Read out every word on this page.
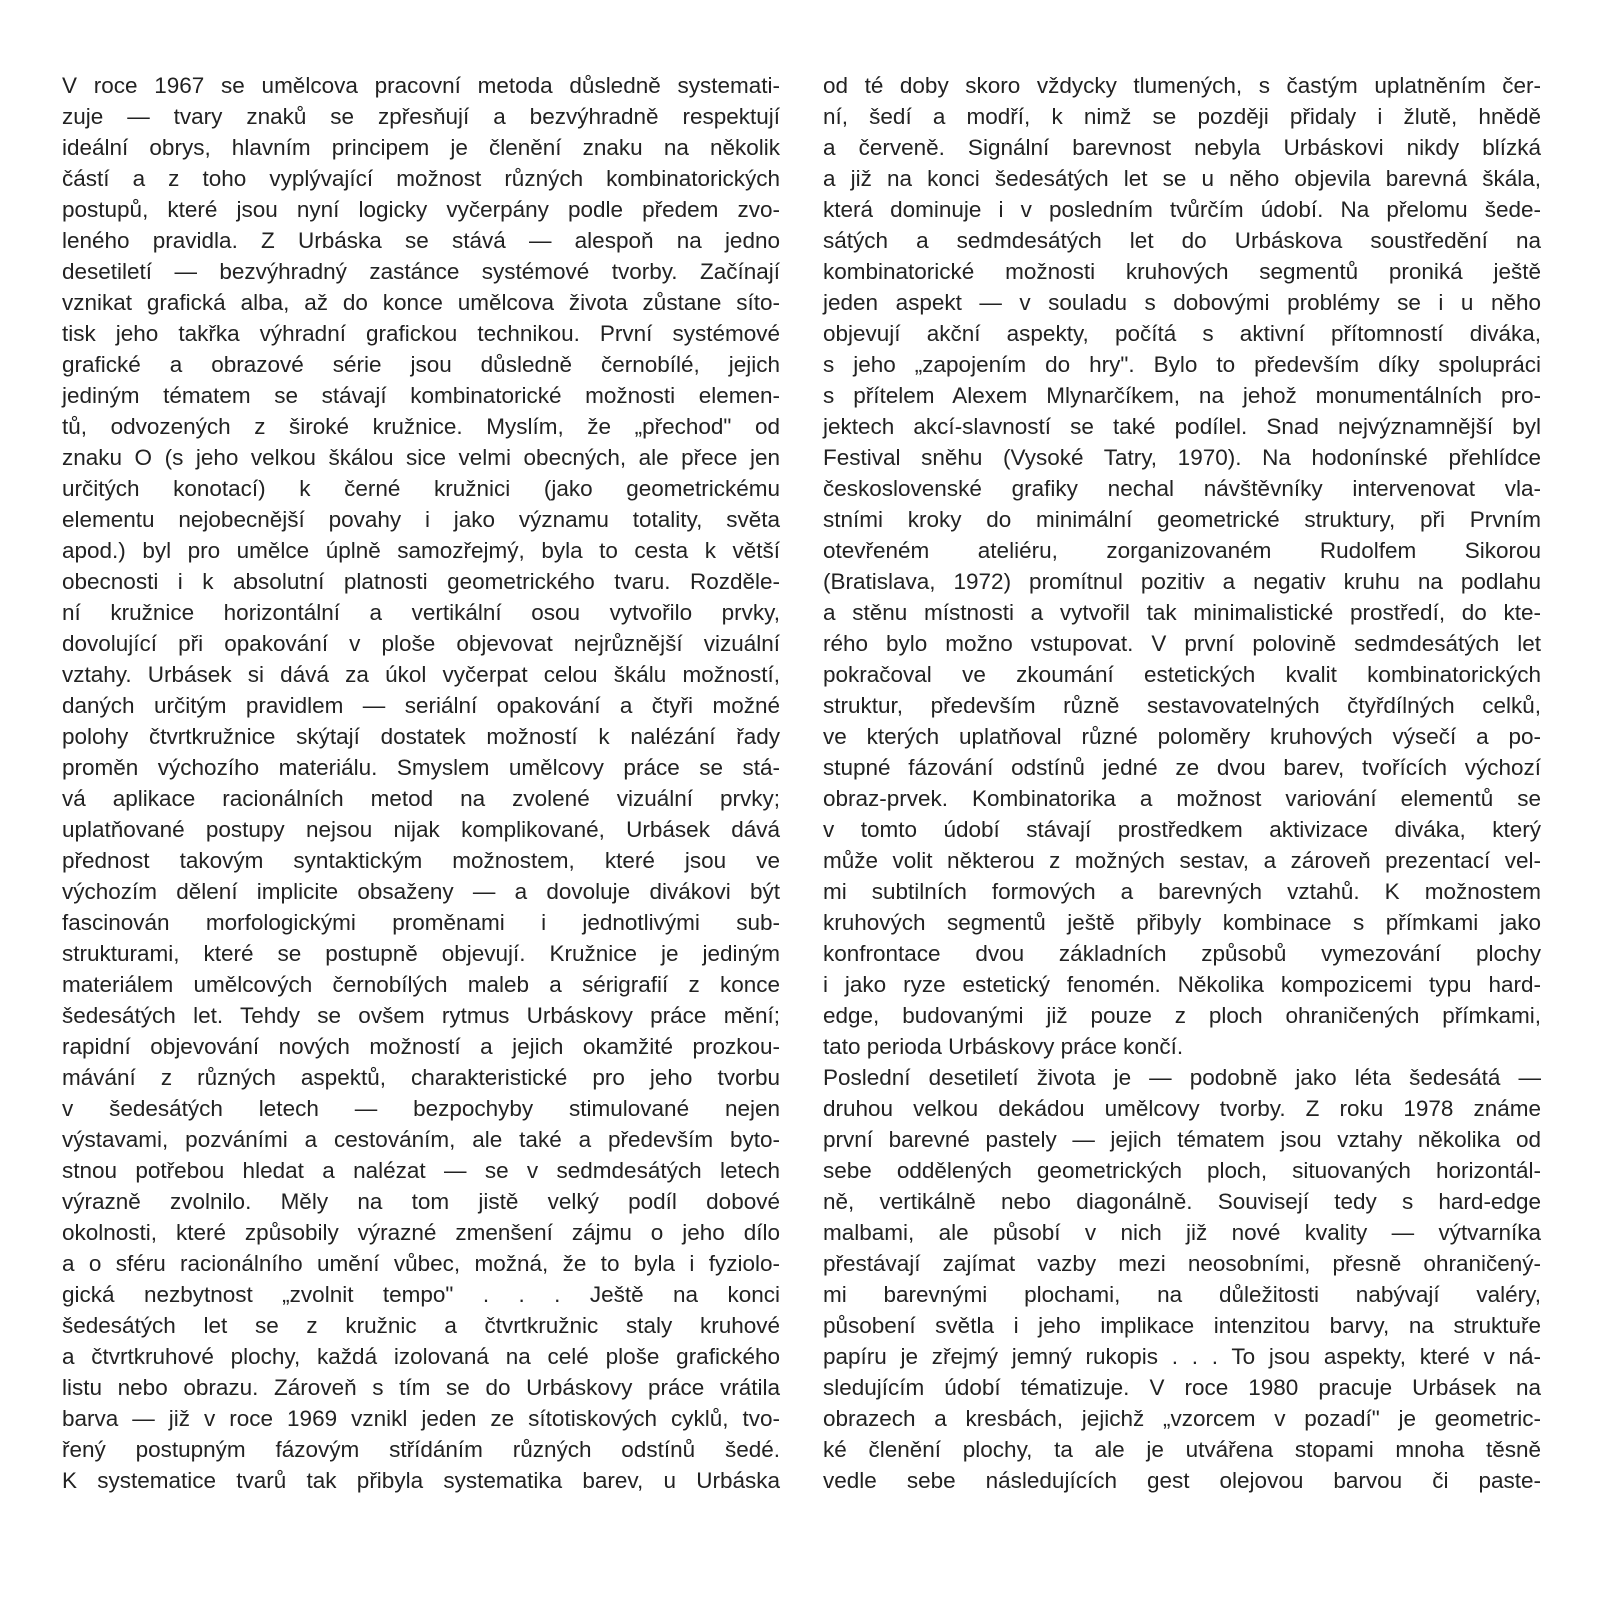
V roce 1967 se umělcova pracovní metoda důsledně systemati-
zuje — tvary znaků se zpřesňují a bezvýhradně respektují
ideální obrys, hlavním principem je členění znaku na několik
částí a z toho vyplývající možnost různých kombinatorických
postupů, které jsou nyní logicky vyčerpány podle předem zvo-
leného pravidla. Z Urbáska se stává — alespoň na jedno
desetiletí — bezvýhradný zastánce systémové tvorby. Začínají
vznikat grafická alba, až do konce umělcova života zůstane síto-
tisk jeho takřka výhradní grafickou technikou. První systémové
grafické a obrazové série jsou důsledně černobílé, jejich
jediným tématem se stávají kombinatorické možnosti elemen-
tů, odvozených z široké kružnice. Myslím, že „přechod" od
znaku O (s jeho velkou škálou sice velmi obecných, ale přece jen
určitých konotací) k černé kružnici (jako geometrickému
elementu nejobecnější povahy i jako významu totality, světa
apod.) byl pro umělce úplně samozřejmý, byla to cesta k větší
obecnosti i k absolutní platnosti geometrického tvaru. Rozděle-
ní kružnice horizontální a vertikální osou vytvořilo prvky,
dovolující při opakování v ploše objevovat nejrůznější vizuální
vztahy. Urbásek si dává za úkol vyčerpat celou škálu možností,
daných určitým pravidlem — seriální opakování a čtyři možné
polohy čtvrtkružnice skýtají dostatek možností k nalézání řady
proměn výchozího materiálu. Smyslem umělcovy práce se stá-
vá aplikace racionálních metod na zvolené vizuální prvky;
uplatňované postupy nejsou nijak komplikované, Urbásek dává
přednost takovým syntaktickým možnostem, které jsou ve
výchozím dělení implicite obsaženy — a dovoluje divákovi být
fascinován morfologickými proměnami i jednotlivými sub-
strukturami, které se postupně objevují. Kružnice je jediným
materiálem umělcových černobílých maleb a sérigrafií z konce
šedesátých let. Tehdy se ovšem rytmus Urbáskovy práce mění;
rapidní objevování nových možností a jejich okamžité prozkou-
mávání z různých aspektů, charakteristické pro jeho tvorbu
v šedesátých letech — bezpochyby stimulované nejen
výstavami, pozváními a cestováním, ale také a především byto-
stnou potřebou hledat a nalézat — se v sedmdesátých letech
výrazně zvolnilo. Měly na tom jistě velký podíl dobové
okolnosti, které způsobily výrazné zmenšení zájmu o jeho dílo
a o sféru racionálního umění vůbec, možná, že to byla i fyziolo-
gická nezbytnost „zvolnit tempo" . . . Ještě na konci
šedesátých let se z kružnic a čtvrtkružnic staly kruhové
a čtvrtkruhové plochy, každá izolovaná na celé ploše grafického
listu nebo obrazu. Zároveň s tím se do Urbáskovy práce vrátila
barva — již v roce 1969 vznikl jeden ze sítotiskových cyklů, tvo-
řený postupným fázovým střídáním různých odstínů šedé.
K systematice tvarů tak přibyla systematika barev, u Urbáska
od té doby skoro vždycky tlumených, s častým uplatněním čer-
ní, šedí a modří, k nimž se později přidaly i žlutě, hnědě
a červeně. Signální barevnost nebyla Urbáskovi nikdy blízká
a již na konci šedesátých let se u něho objevila barevná škála,
která dominuje i v posledním tvůrčím údobí. Na přelomu šede-
sátých a sedmdesátých let do Urbáskova soustředění na
kombinatorické možnosti kruhových segmentů proniká ještě
jeden aspekt — v souladu s dobovými problémy se i u něho
objevují akční aspekty, počítá s aktivní přítomností diváka,
s jeho „zapojením do hry". Bylo to především díky spolupráci
s přítelem Alexem Mlynarčíkem, na jehož monumentálních pro-
jektech akcí-slavností se také podílel. Snad nejvýznamnější byl
Festival sněhu (Vysoké Tatry, 1970). Na hodonínské přehlídce
československé grafiky nechal návštěvníky intervenovat vla-
stními kroky do minimální geometrické struktury, při Prvním
otevřeném ateliéru, zorganizovaném Rudolfem Sikorou
(Bratislava, 1972) promítnul pozitiv a negativ kruhu na podlahu
a stěnu místnosti a vytvořil tak minimalistické prostředí, do kte-
rého bylo možno vstupovat. V první polovině sedmdesátých let
pokračoval ve zkoumání estetických kvalit kombinatorických
struktur, především různě sestavovatelných čtyřdílných celků,
ve kterých uplatňoval různé poloměry kruhových výsečí a po-
stupné fázování odstínů jedné ze dvou barev, tvořících výchozí
obraz-prvek. Kombinatorika a možnost variování elementů se
v tomto údobí stávají prostředkem aktivizace diváka, který
může volit některou z možných sestav, a zároveň prezentací vel-
mi subtilních formových a barevných vztahů. K možnostem
kruhových segmentů ještě přibyly kombinace s přímkami jako
konfrontace dvou základních způsobů vymezování plochy
i jako ryze estetický fenomén. Několika kompozicemi typu hard-
edge, budovanými již pouze z ploch ohraničených přímkami,
tato perioda Urbáskovy práce končí.
Poslední desetiletí života je — podobně jako léta šedesátá —
druhou velkou dekádou umělcovy tvorby. Z roku 1978 známe
první barevné pastely — jejich tématem jsou vztahy několika od
sebe oddělených geometrických ploch, situovaných horizontál-
ně, vertikálně nebo diagonálně. Souvisejí tedy s hard-edge
malbami, ale působí v nich již nové kvality — výtvarníka
přestávají zajímat vazby mezi neosobními, přesně ohraničený-
mi barevnými plochami, na důležitosti nabývají valéry,
působení světla i jeho implikace intenzitou barvy, na struktuře
papíru je zřejmý jemný rukopis . . . To jsou aspekty, které v ná-
sledujícím údobí tématizuje. V roce 1980 pracuje Urbásek na
obrazech a kresbách, jejichž „vzorcem v pozadí" je geometric-
ké členění plochy, ta ale je utvářena stopami mnoha těsně
vedle sebe následujících gest olejovou barvou či paste-
